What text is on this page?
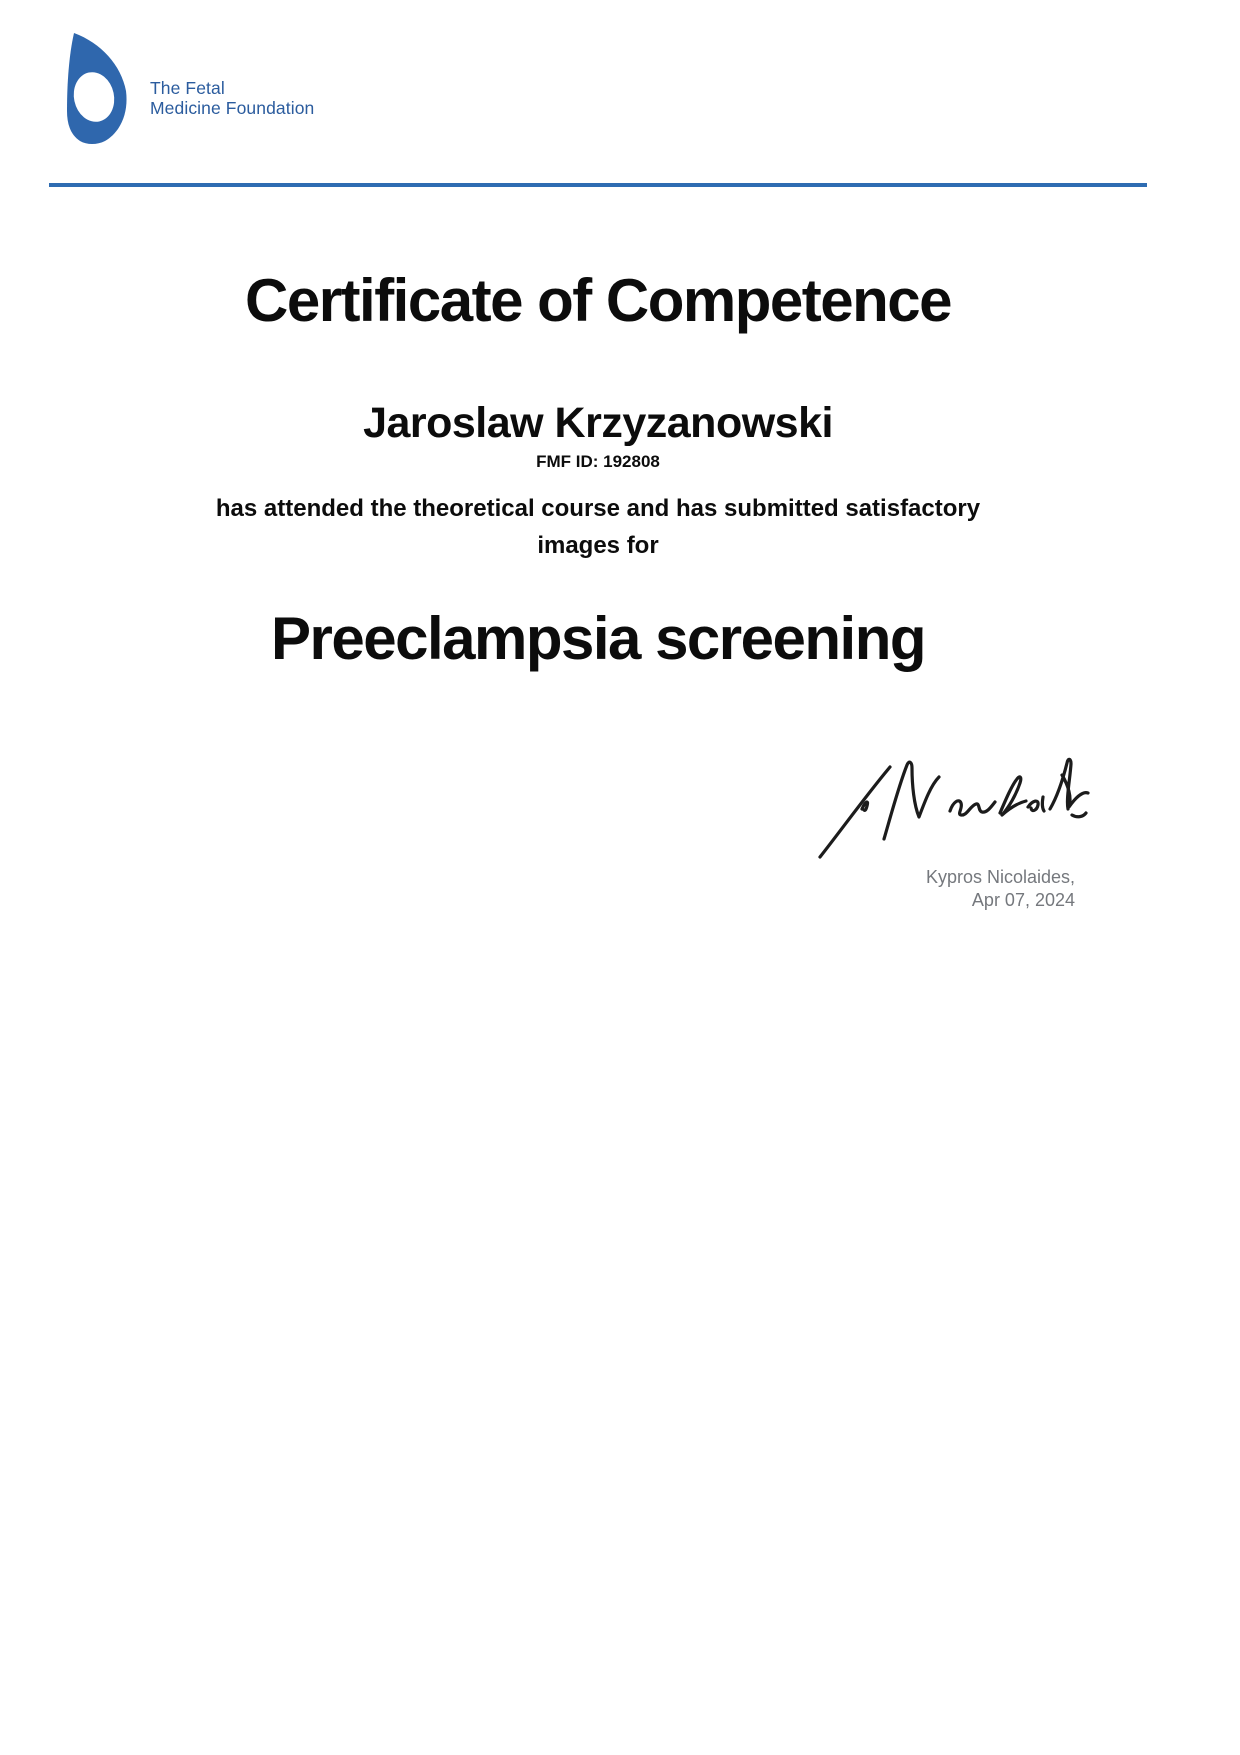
The Fetal
Medicine Foundation
Certificate of Competence
Jaroslaw Krzyzanowski
FMF ID: 192808
has attended the theoretical course and has submitted satisfactory
images for
Preeclampsia screening
Kypros Nicolaides,
Apr 07, 2024
